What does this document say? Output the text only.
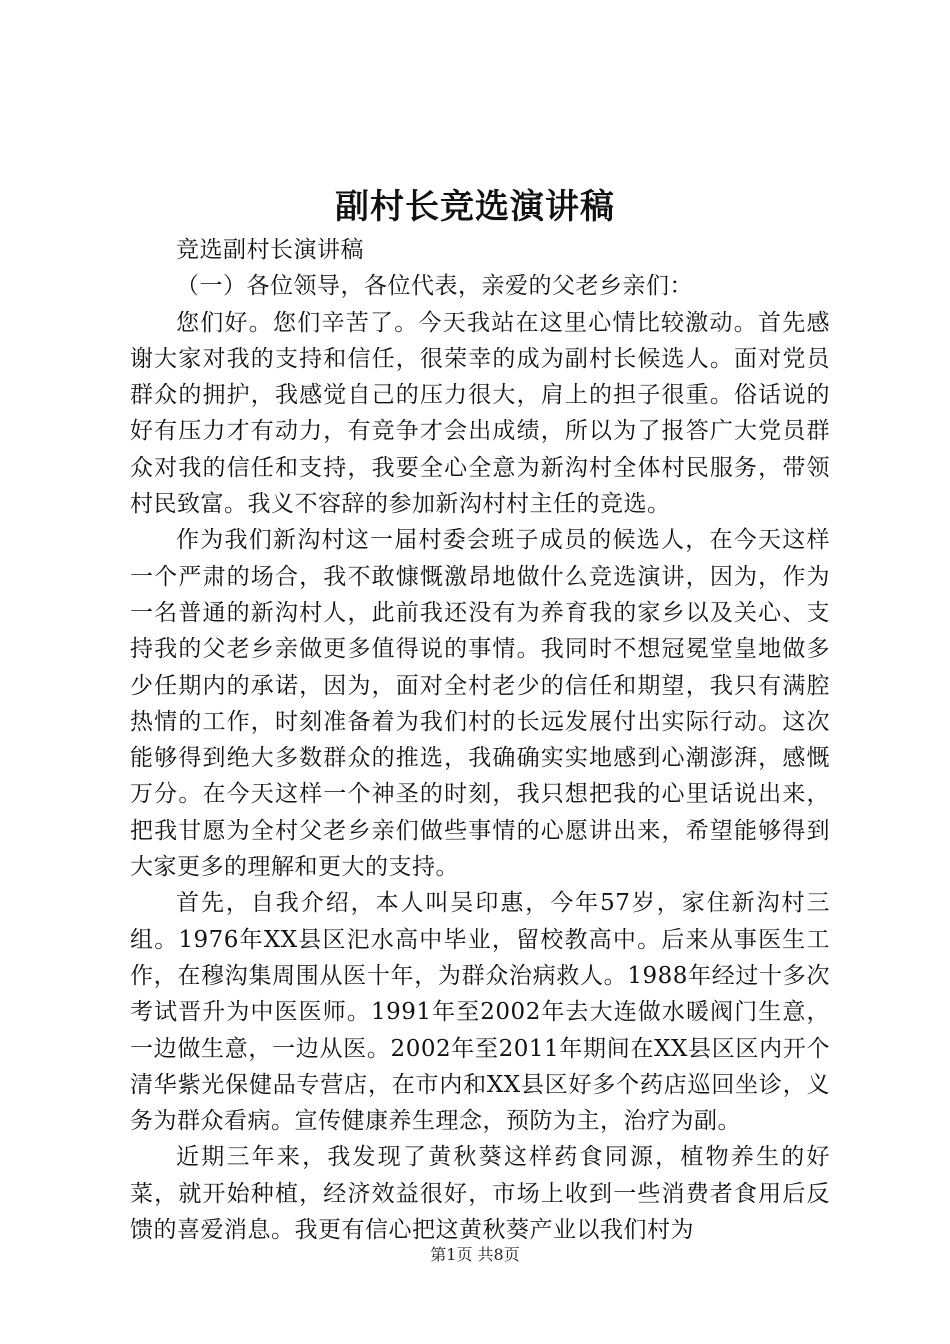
副村长竞选演讲稿

竞选副村长演讲稿

（一）各位领导，各位代表，亲爱的父老乡亲们：

您们好。您们辛苦了。今天我站在这里心情比较激动。首先感谢大家对我的支持和信任，很荣幸的成为副村长候选人。面对党员群众的拥护，我感觉自己的压力很大，肩上的担子很重。俗话说的好有压力才有动力，有竞争才会出成绩，所以为了报答广大党员群众对我的信任和支持，我要全心全意为新沟村全体村民服务，带领村民致富。我义不容辞的参加新沟村村主任的竞选。

作为我们新沟村这一届村委会班子成员的候选人，在今天这样一个严肃的场合，我不敢慷慨激昂地做什么竞选演讲，因为，作为一名普通的新沟村人，此前我还没有为养育我的家乡以及关心、支持我的父老乡亲做更多值得说的事情。我同时不想冠冕堂皇地做多少任期内的承诺，因为，面对全村老少的信任和期望，我只有满腔热情的工作，时刻准备着为我们村的长远发展付出实际行动。这次能够得到绝大多数群众的推选，我确确实实地感到心潮澎湃，感慨万分。在今天这样一个神圣的时刻，我只想把我的心里话说出来，把我甘愿为全村父老乡亲们做些事情的心愿讲出来，希望能够得到大家更多的理解和更大的支持。

首先，自我介绍，本人叫吴印惠，今年57岁，家住新沟村三组。1976年XX县区汜水高中毕业，留校教高中。后来从事医生工作，在穆沟集周围从医十年，为群众治病救人。1988年经过十多次考试晋升为中医医师。1991年至2002年去大连做水暖阀门生意，一边做生意，一边从医。2002年至2011年期间在XX县区区内开个清华紫光保健品专营店，在市内和XX县区好多个药店巡回坐诊，义务为群众看病。宣传健康养生理念，预防为主，治疗为副。

近期三年来，我发现了黄秋葵这样药食同源，植物养生的好菜，就开始种植，经济效益很好，市场上收到一些消费者食用后反馈的喜爱消息。我更有信心把这黄秋葵产业以我们村为

第1页 共8页
